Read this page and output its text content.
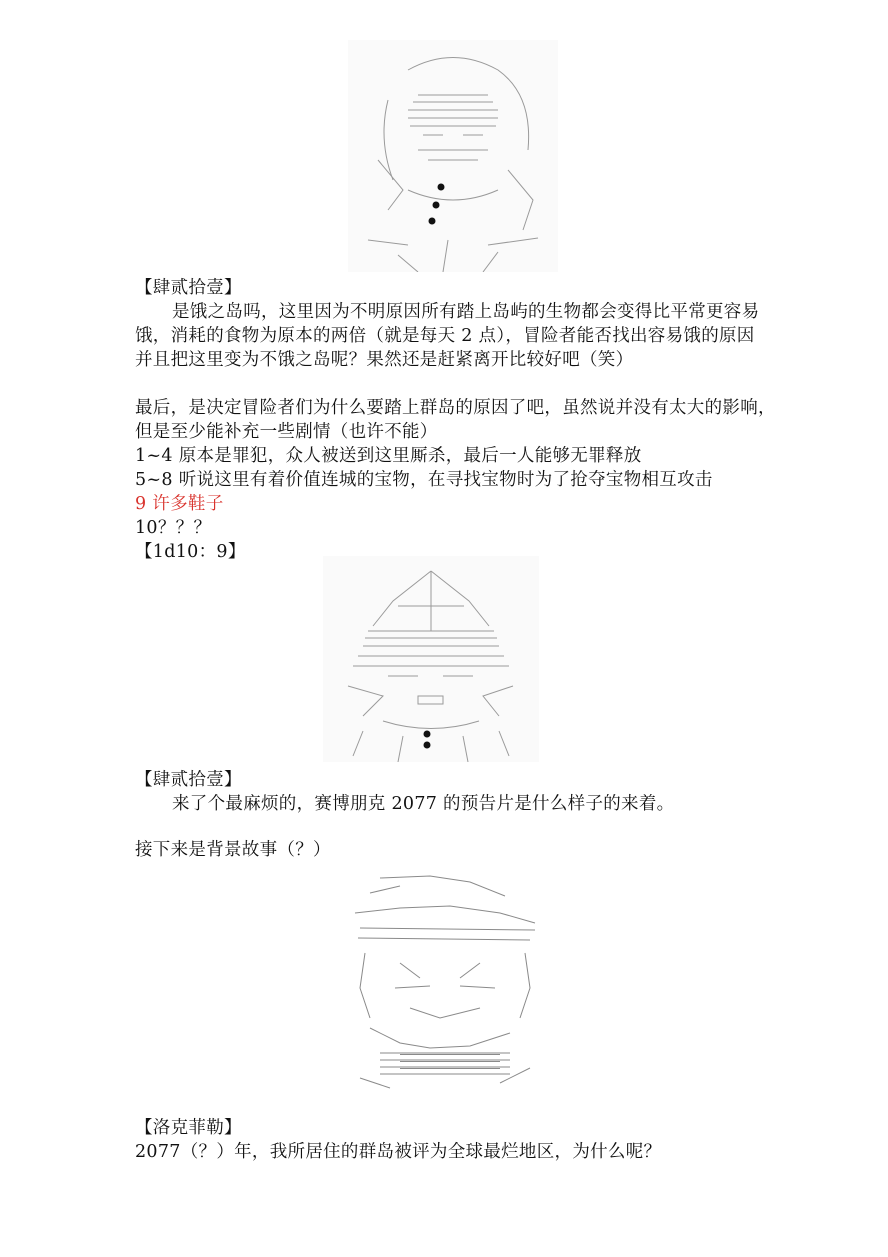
【肆贰拾壹】
是饿之岛吗，这里因为不明原因所有踏上岛屿的生物都会变得比平常更容易
饿，消耗的食物为原本的两倍（就是每天 2 点），冒险者能否找出容易饿的原因
并且把这里变为不饿之岛呢？果然还是赶紧离开比较好吧（笑）
最后，是决定冒险者们为什么要踏上群岛的原因了吧，虽然说并没有太大的影响，
但是至少能补充一些剧情（也许不能）
1~4 原本是罪犯，众人被送到这里厮杀，最后一人能够无罪释放
5~8 听说这里有着价值连城的宝物，在寻找宝物时为了抢夺宝物相互攻击
9 许多鞋子
10？？？
【1d10：9】
【肆贰拾壹】
来了个最麻烦的，赛博朋克 2077 的预告片是什么样子的来着。
接下来是背景故事（？）
【洛克菲勒】
2077（？）年，我所居住的群岛被评为全球最烂地区，为什么呢？
